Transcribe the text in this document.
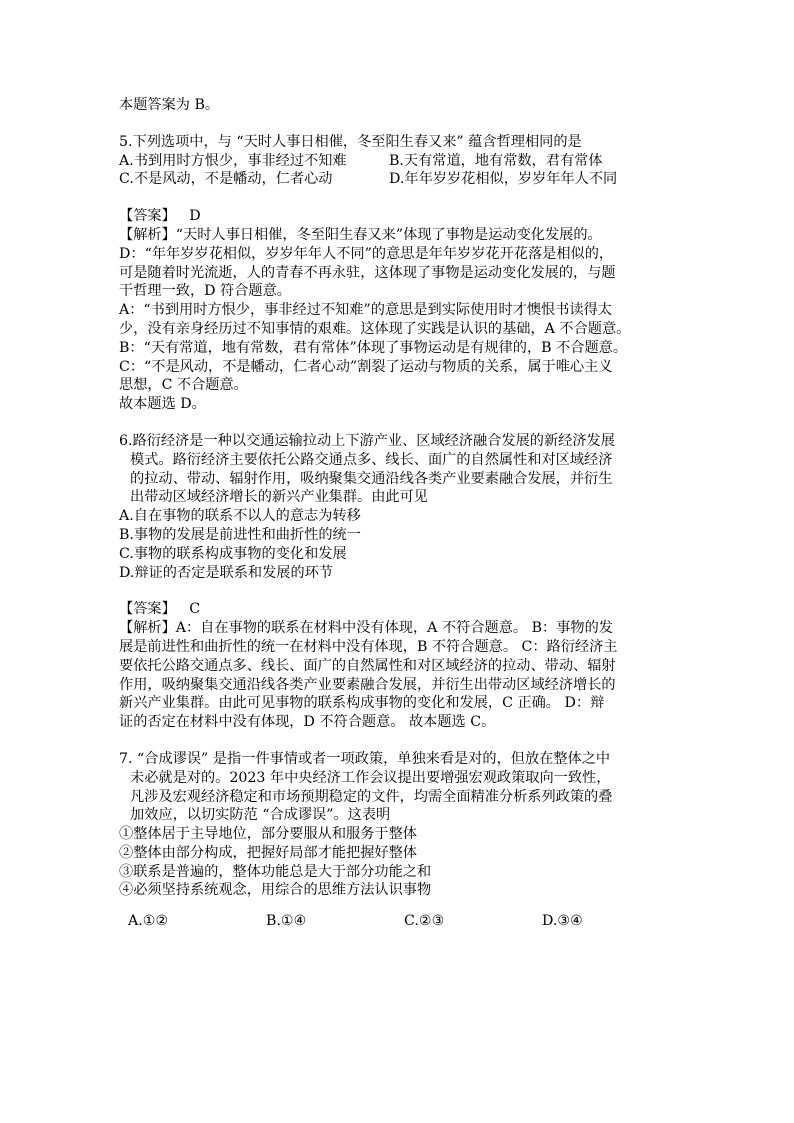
本题答案为 B。
5.下列选项中，与 “天时人事日相催，冬至阳生春又来” 蕴含哲理相同的是
A.书到用时方恨少，事非经过不知难	B.天有常道，地有常数，君有常体
C.不是风动，不是幡动，仁者心动	D.年年岁岁花相似，岁岁年年人不同
【答案】 D
【解析】“天时人事日相催，冬至阳生春又来”体现了事物是运动变化发展的。
D：“年年岁岁花相似，岁岁年年人不同”的意思是年年岁岁花开花落是相似的，
可是随着时光流逝，人的青春不再永驻，这体现了事物是运动变化发展的，与题
干哲理一致，D 符合题意。
A：“书到用时方恨少，事非经过不知难”的意思是到实际使用时才懊恨书读得太
少，没有亲身经历过不知事情的艰难。这体现了实践是认识的基础，A 不合题意。
B：“天有常道，地有常数，君有常体”体现了事物运动是有规律的，B 不合题意。
C：“不是风动，不是幡动，仁者心动”割裂了运动与物质的关系，属于唯心主义
思想，C 不合题意。
故本题选 D。
6.路衍经济是一种以交通运输拉动上下游产业、区域经济融合发展的新经济发展
模式。路衍经济主要依托公路交通点多、线长、面广的自然属性和对区域经济
的拉动、带动、辐射作用，吸纳聚集交通沿线各类产业要素融合发展，并衍生
出带动区域经济增长的新兴产业集群。由此可见
A.自在事物的联系不以人的意志为转移
B.事物的发展是前进性和曲折性的统一
C.事物的联系构成事物的变化和发展
D.辩证的否定是联系和发展的环节
【答案】 C
【解析】A：自在事物的联系在材料中没有体现，A 不符合题意。 B：事物的发
展是前进性和曲折性的统一在材料中没有体现，B 不符合题意。 C：路衍经济主
要依托公路交通点多、线长、面广的自然属性和对区域经济的拉动、带动、辐射
作用，吸纳聚集交通沿线各类产业要素融合发展，并衍生出带动区域经济增长的
新兴产业集群。由此可见事物的联系构成事物的变化和发展，C 正确。 D：辩
证的否定在材料中没有体现，D 不符合题意。 故本题选 C。
7. “合成谬误” 是指一件事情或者一项政策，单独来看是对的，但放在整体之中
未必就是对的。2023 年中央经济工作会议提出要增强宏观政策取向一致性，
凡涉及宏观经济稳定和市场预期稳定的文件，均需全面精准分析系列政策的叠
加效应，以切实防范 “合成谬误”。这表明
①整体居于主导地位，部分要服从和服务于整体
②整体由部分构成，把握好局部才能把握好整体
③联系是普遍的，整体功能总是大于部分功能之和
④必须坚持系统观念，用综合的思维方法认识事物
A.①②	B.①④	C.②③	D.③④
